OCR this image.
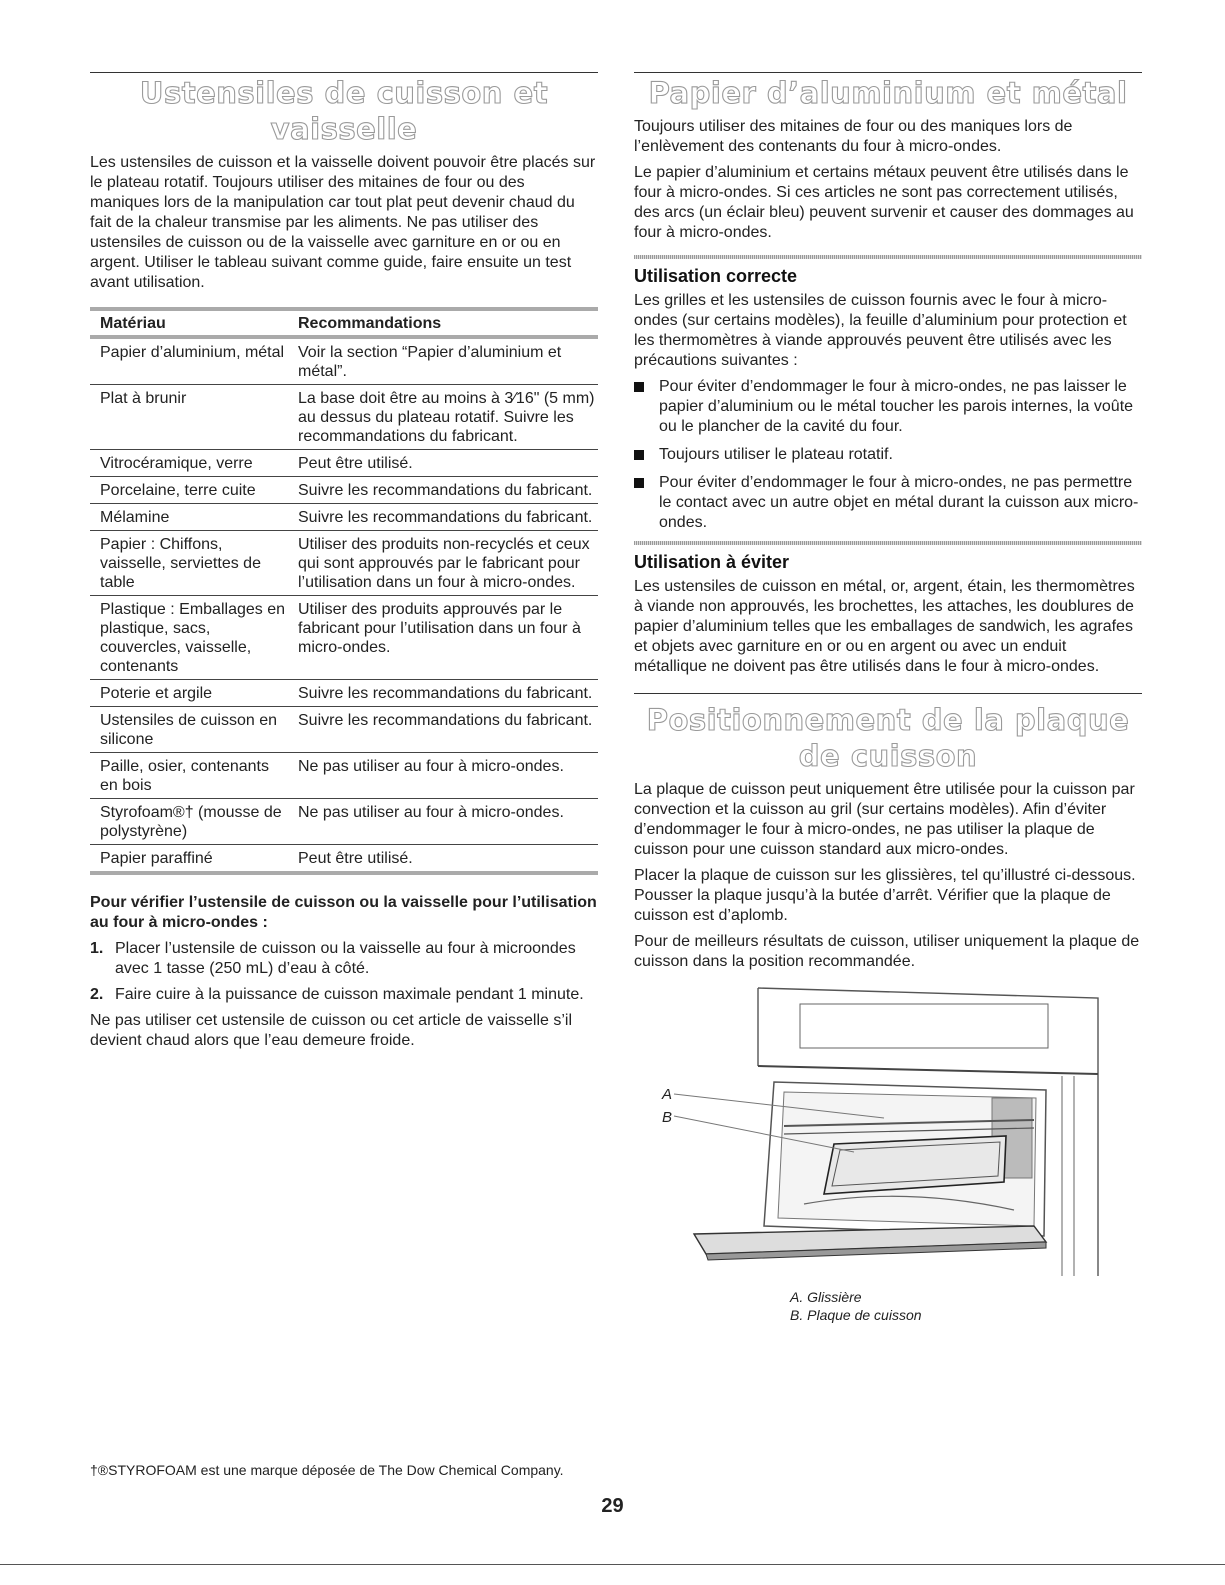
Ustensiles de cuisson et vaisselle

Les ustensiles de cuisson et la vaisselle doivent pouvoir être placés sur le plateau rotatif. Toujours utiliser des mitaines de four ou des maniques lors de la manipulation car tout plat peut devenir chaud du fait de la chaleur transmise par les aliments. Ne pas utiliser des ustensiles de cuisson ou de la vaisselle avec garniture en or ou en argent. Utiliser le tableau suivant comme guide, faire ensuite un test avant utilisation.

Matériau	Recommandations
Papier d’aluminium, métal	Voir la section “Papier d’aluminium et métal”.
Plat à brunir	La base doit être au moins à 3⁄16" (5 mm) au dessus du plateau rotatif. Suivre les recommandations du fabricant.
Vitrocéramique, verre	Peut être utilisé.
Porcelaine, terre cuite	Suivre les recommandations du fabricant.
Mélamine	Suivre les recommandations du fabricant.
Papier : Chiffons, vaisselle, serviettes de table	Utiliser des produits non-recyclés et ceux qui sont approuvés par le fabricant pour l’utilisation dans un four à micro-ondes.
Plastique : Emballages en plastique, sacs, couvercles, vaisselle, contenants	Utiliser des produits approuvés par le fabricant pour l’utilisation dans un four à micro-ondes.
Poterie et argile	Suivre les recommandations du fabricant.
Ustensiles de cuisson en silicone	Suivre les recommandations du fabricant.
Paille, osier, contenants en bois	Ne pas utiliser au four à micro-ondes.
Styrofoam®† (mousse de polystyrène)	Ne pas utiliser au four à micro-ondes.
Papier paraffiné	Peut être utilisé.
Pour vérifier l’ustensile de cuisson ou la vaisselle pour l’utilisation au four à micro-ondes :
1. Placer l’ustensile de cuisson ou la vaisselle au four à microondes avec 1 tasse (250 mL) d’eau à côté.
2. Faire cuire à la puissance de cuisson maximale pendant 1 minute.

Ne pas utiliser cet ustensile de cuisson ou cet article de vaisselle s’il devient chaud alors que l’eau demeure froide.

Papier d’aluminium et métal

Toujours utiliser des mitaines de four ou des maniques lors de l’enlèvement des contenants du four à micro-ondes.

Le papier d’aluminium et certains métaux peuvent être utilisés dans le four à micro-ondes. Si ces articles ne sont pas correctement utilisés, des arcs (un éclair bleu) peuvent survenir et causer des dommages au four à micro-ondes.

Utilisation correcte

Les grilles et les ustensiles de cuisson fournis avec le four à micro-ondes (sur certains modèles), la feuille d’aluminium pour protection et les thermomètres à viande approuvés peuvent être utilisés avec les précautions suivantes :

Pour éviter d’endommager le four à micro-ondes, ne pas laisser le papier d’aluminium ou le métal toucher les parois internes, la voûte ou le plancher de la cavité du four.
Toujours utiliser le plateau rotatif.
Pour éviter d’endommager le four à micro-ondes, ne pas permettre le contact avec un autre objet en métal durant la cuisson aux micro-ondes.
Utilisation à éviter

Les ustensiles de cuisson en métal, or, argent, étain, les thermomètres à viande non approuvés, les brochettes, les attaches, les doublures de papier d’aluminium telles que les emballages de sandwich, les agrafes et objets avec garniture en or ou en argent ou avec un enduit métallique ne doivent pas être utilisés dans le four à micro-ondes.

Positionnement de la plaque
de cuisson

La plaque de cuisson peut uniquement être utilisée pour la cuisson par convection et la cuisson au gril (sur certains modèles). Afin d’éviter d’endommager le four à micro-ondes, ne pas utiliser la plaque de cuisson pour une cuisson standard aux micro-ondes.

Placer la plaque de cuisson sur les glissières, tel qu’illustré ci-dessous. Pousser la plaque jusqu’à la butée d’arrêt. Vérifier que la plaque de cuisson est d’aplomb.

Pour de meilleurs résultats de cuisson, utiliser uniquement la plaque de cuisson dans la position recommandée.

A
B
A. Glissière
B. Plaque de cuisson
†®STYROFOAM est une marque déposée de The Dow Chemical Company.
29
